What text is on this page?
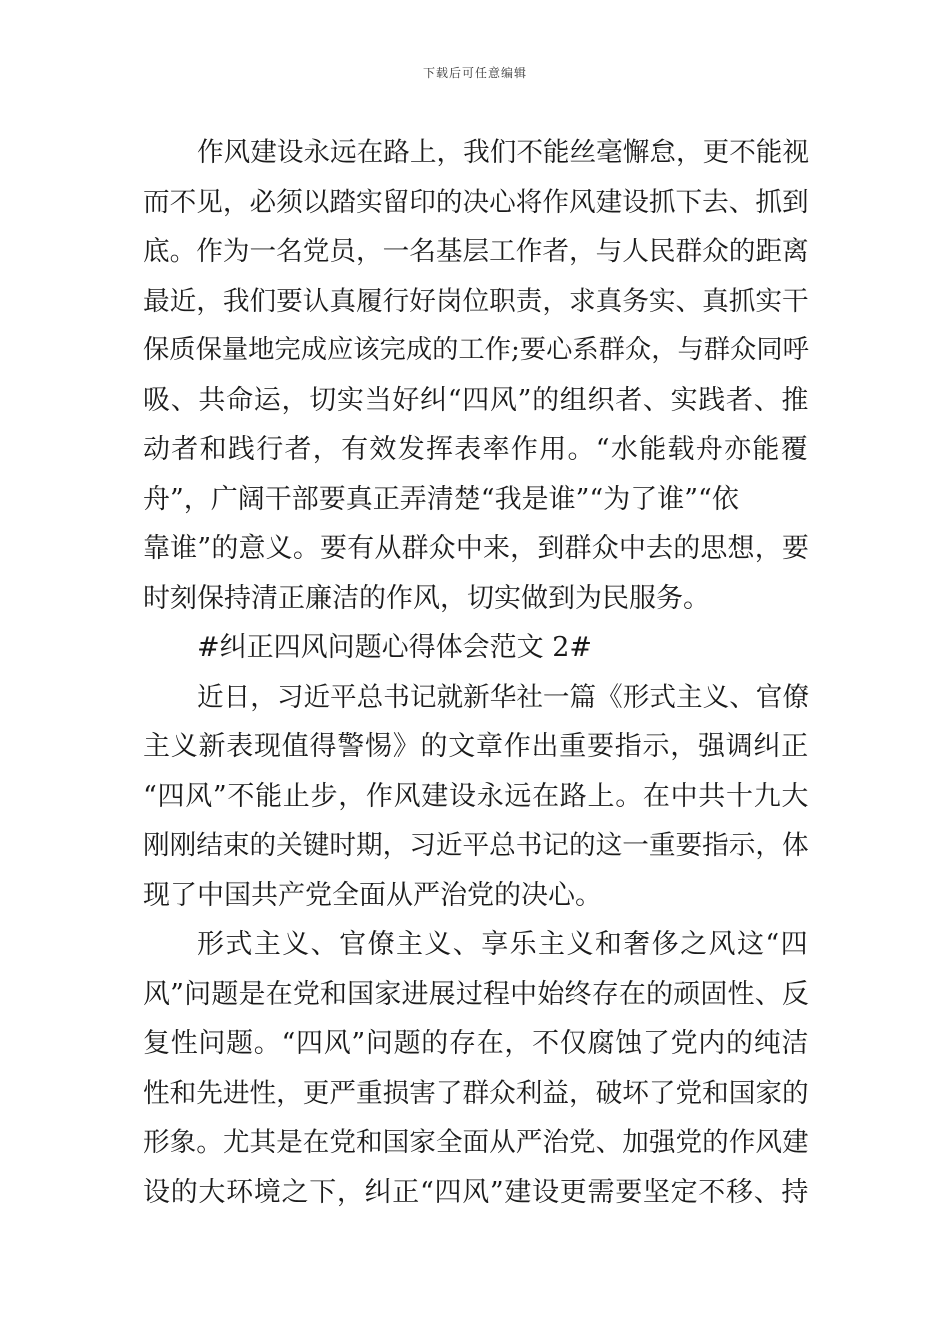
下载后可任意编辑
作风建设永远在路上，我们不能丝毫懈怠，更不能视
而不见，必须以踏实留印的决心将作风建设抓下去、抓到
底。作为一名党员，一名基层工作者，与人民群众的距离
最近，我们要认真履行好岗位职责，求真务实、真抓实干
保质保量地完成应该完成的工作;要心系群众，与群众同呼
吸、共命运，切实当好纠“四风”的组织者、实践者、推
动者和践行者，有效发挥表率作用。“水能载舟亦能覆
舟”，广阔干部要真正弄清楚“我是谁”“为了谁”“依
靠谁”的意义。要有从群众中来，到群众中去的思想，要
时刻保持清正廉洁的作风，切实做到为民服务。
#纠正四风问题心得体会范文 2#
近日，习近平总书记就新华社一篇《形式主义、官僚
主义新表现值得警惕》的文章作出重要指示，强调纠正
“四风”不能止步，作风建设永远在路上。在中共十九大
刚刚结束的关键时期，习近平总书记的这一重要指示，体
现了中国共产党全面从严治党的决心。
形式主义、官僚主义、享乐主义和奢侈之风这“四
风”问题是在党和国家进展过程中始终存在的顽固性、反
复性问题。“四风”问题的存在，不仅腐蚀了党内的纯洁
性和先进性，更严重损害了群众利益，破坏了党和国家的
形象。尤其是在党和国家全面从严治党、加强党的作风建
设的大环境之下，纠正“四风”建设更需要坚定不移、持
